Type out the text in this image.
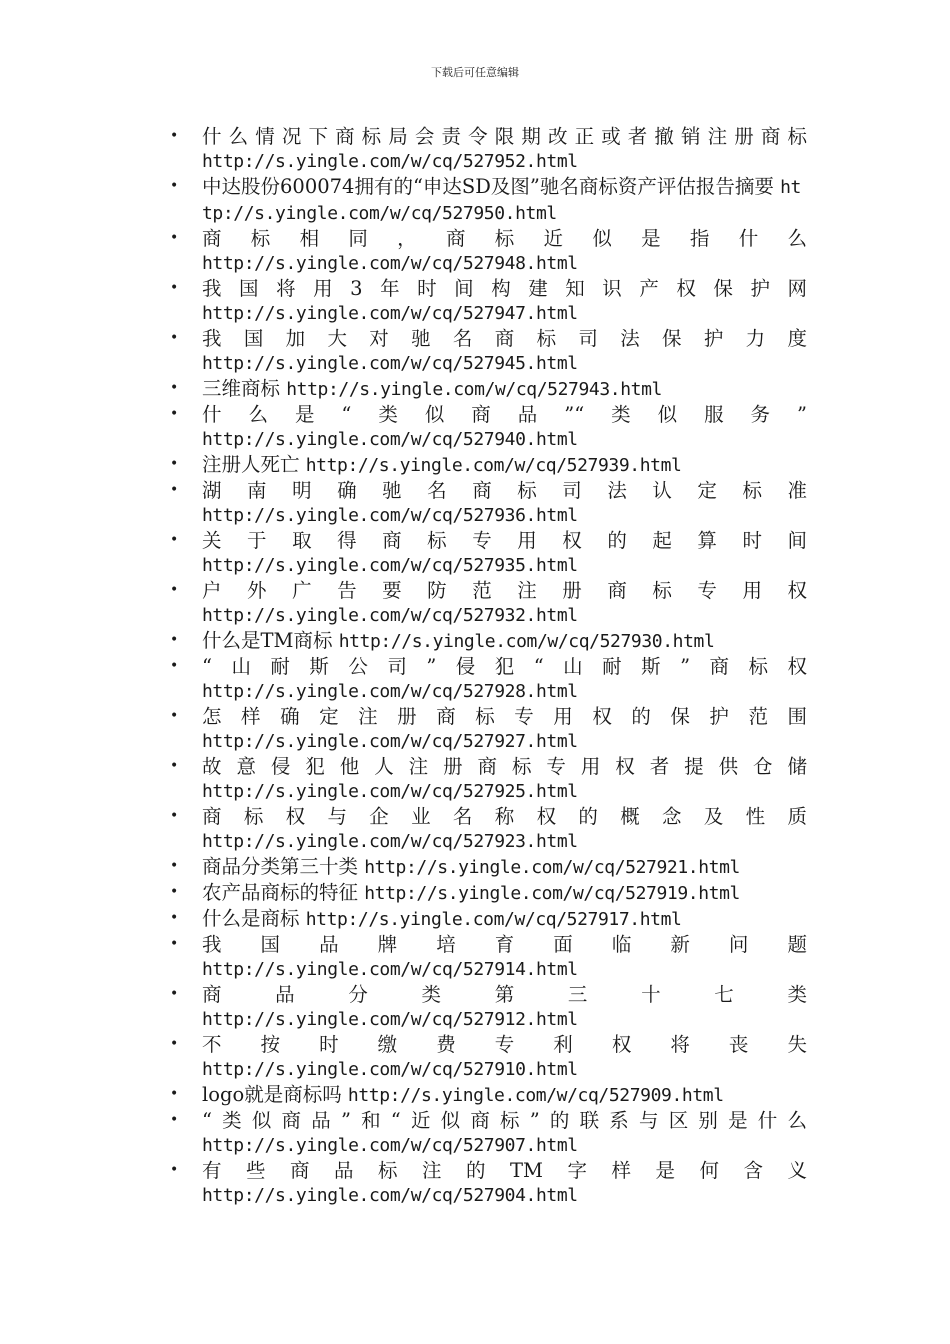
下载后可任意编辑
• 什么情况下商标局会责令限期改正或者撤销注册商标
http://s.yingle.com/w/cq/527952.html
• 中达股份600074拥有的“申达SD及图”驰名商标资产评估报告摘要 http://s.yingle.com/w/cq/527950.html
• 商标相同，商标近似是指什么
http://s.yingle.com/w/cq/527948.html
• 我国将用3年时间构建知识产权保护网
http://s.yingle.com/w/cq/527947.html
• 我国加大对驰名商标司法保护力度
http://s.yingle.com/w/cq/527945.html
• 三维商标 http://s.yingle.com/w/cq/527943.html
• 什么是“类似商品”“类似服务”
http://s.yingle.com/w/cq/527940.html
• 注册人死亡 http://s.yingle.com/w/cq/527939.html
• 湖南明确驰名商标司法认定标准
http://s.yingle.com/w/cq/527936.html
• 关于取得商标专用权的起算时间
http://s.yingle.com/w/cq/527935.html
• 户外广告要防范注册商标专用权
http://s.yingle.com/w/cq/527932.html
• 什么是TM商标 http://s.yingle.com/w/cq/527930.html
• “山耐斯公司”侵犯“山耐斯”商标权
http://s.yingle.com/w/cq/527928.html
• 怎样确定注册商标专用权的保护范围
http://s.yingle.com/w/cq/527927.html
• 故意侵犯他人注册商标专用权者提供仓储
http://s.yingle.com/w/cq/527925.html
• 商标权与企业名称权的概念及性质
http://s.yingle.com/w/cq/527923.html
• 商品分类第三十类 http://s.yingle.com/w/cq/527921.html
• 农产品商标的特征 http://s.yingle.com/w/cq/527919.html
• 什么是商标 http://s.yingle.com/w/cq/527917.html
• 我国品牌培育面临新问题
http://s.yingle.com/w/cq/527914.html
• 商品分类第三十七类
http://s.yingle.com/w/cq/527912.html
• 不按时缴费专利权将丧失
http://s.yingle.com/w/cq/527910.html
• logo就是商标吗 http://s.yingle.com/w/cq/527909.html
• “类似商品”和“近似商标”的联系与区别是什么
http://s.yingle.com/w/cq/527907.html
• 有些商品标注的TM字样是何含义
http://s.yingle.com/w/cq/527904.html
